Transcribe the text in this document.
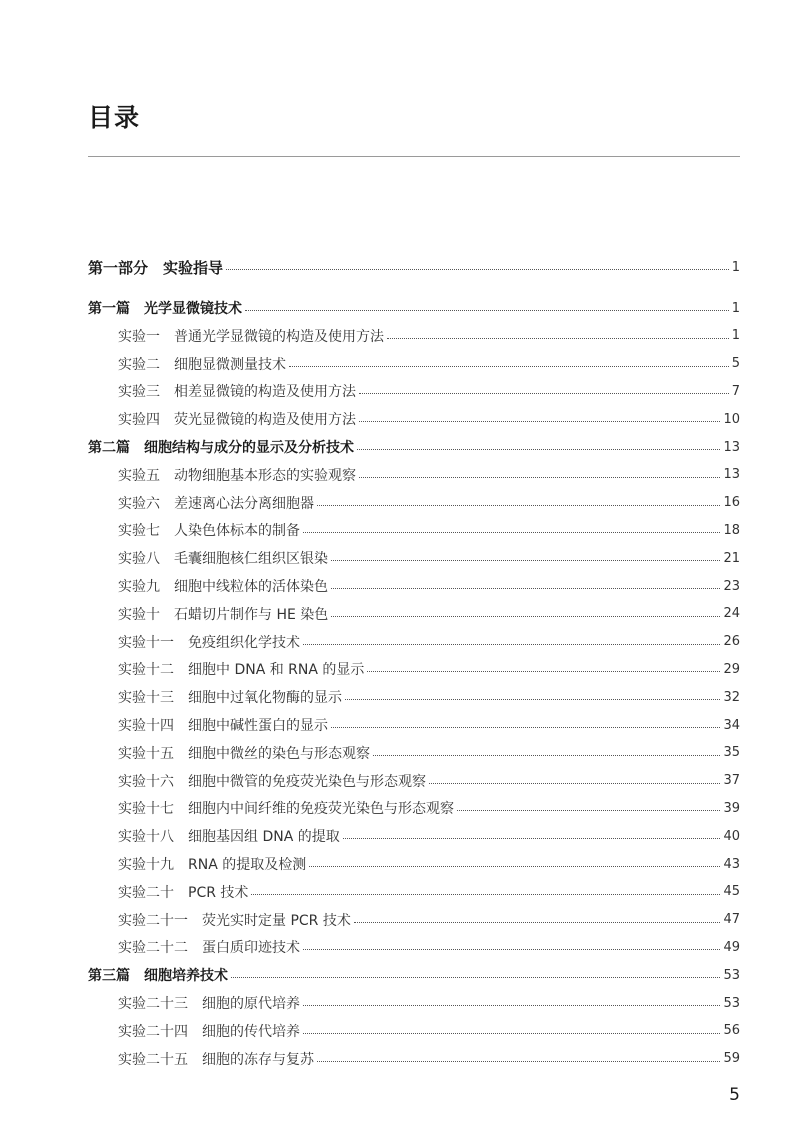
目录
第一部分　实验指导	1
第一篇　光学显微镜技术	1
实验一　普通光学显微镜的构造及使用方法	1
实验二　细胞显微测量技术	5
实验三　相差显微镜的构造及使用方法	7
实验四　荧光显微镜的构造及使用方法	10
第二篇　细胞结构与成分的显示及分析技术	13
实验五　动物细胞基本形态的实验观察	13
实验六　差速离心法分离细胞器	16
实验七　人染色体标本的制备	18
实验八　毛囊细胞核仁组织区银染	21
实验九　细胞中线粒体的活体染色	23
实验十　石蜡切片制作与 HE 染色	24
实验十一　免疫组织化学技术	26
实验十二　细胞中 DNA 和 RNA 的显示	29
实验十三　细胞中过氧化物酶的显示	32
实验十四　细胞中碱性蛋白的显示	34
实验十五　细胞中微丝的染色与形态观察	35
实验十六　细胞中微管的免疫荧光染色与形态观察	37
实验十七　细胞内中间纤维的免疫荧光染色与形态观察	39
实验十八　细胞基因组 DNA 的提取	40
实验十九　RNA 的提取及检测	43
实验二十　PCR 技术	45
实验二十一　荧光实时定量 PCR 技术	47
实验二十二　蛋白质印迹技术	49
第三篇　细胞培养技术	53
实验二十三　细胞的原代培养	53
实验二十四　细胞的传代培养	56
实验二十五　细胞的冻存与复苏	59
5
